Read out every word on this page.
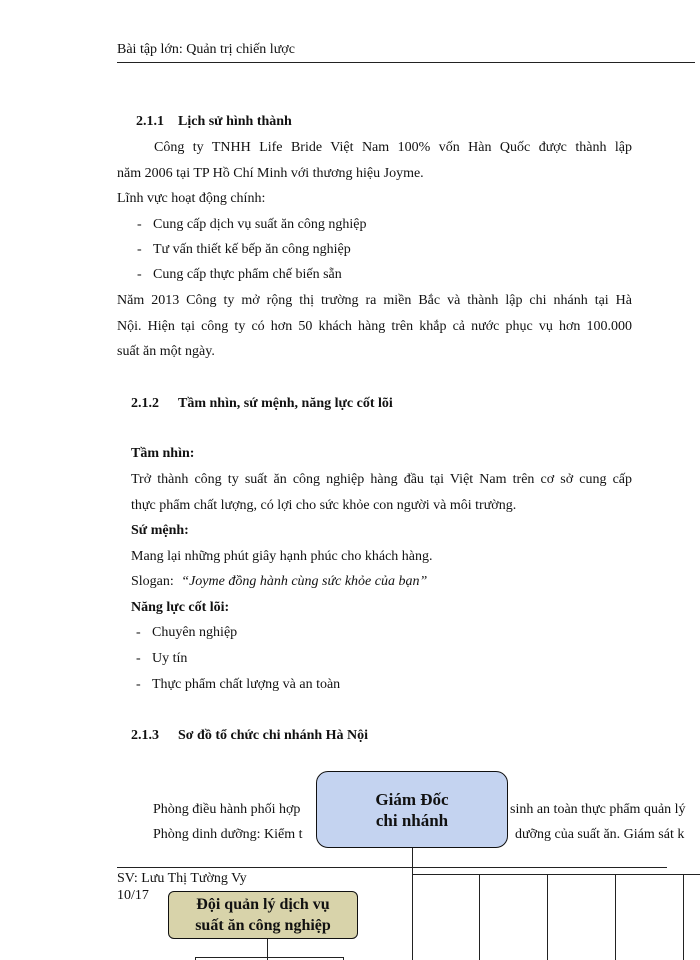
Bài tập lớn: Quản trị chiến lược
2.1.1 Lịch sử hình thành
Công ty TNHH Life Bride Việt Nam 100% vốn Hàn Quốc được thành lập
năm 2006 tại TP Hồ Chí Minh với thương hiệu Joyme.
Lĩnh vực hoạt động chính:
- Cung cấp dịch vụ suất ăn công nghiệp
- Tư vấn thiết kế bếp ăn công nghiệp
- Cung cấp thực phẩm chế biến sẵn
Năm 2013 Công ty mở rộng thị trường ra miền Bắc và thành lập chi nhánh tại Hà
Nội. Hiện tại công ty có hơn 50 khách hàng trên khắp cả nước phục vụ hơn 100.000
suất ăn một ngày.
2.1.2 Tầm nhìn, sứ mệnh, năng lực cốt lõi
Tầm nhìn:
Trở thành công ty suất ăn công nghiệp hàng đầu tại Việt Nam trên cơ sở cung cấp
thực phẩm chất lượng, có lợi cho sức khỏe con người và môi trường.
Sứ mệnh:
Mang lại những phút giây hạnh phúc cho khách hàng.
Slogan: “Joyme đồng hành cùng sức khỏe của bạn”
Năng lực cốt lõi:
- Chuyên nghiệp
- Uy tín
- Thực phẩm chất lượng và an toàn
2.1.3 Sơ đồ tổ chức chi nhánh Hà Nội
Phòng điều hành phối hợp	sinh an toàn thực phẩm quản lý
Phòng dinh dưỡng: Kiểm t	dưỡng của suất ăn. Giám sát k
SV: Lưu Thị Tường Vy
10/17
Giám Đốc
chi nhánh
Đội quản lý dịch vụ
suất ăn công nghiệp
